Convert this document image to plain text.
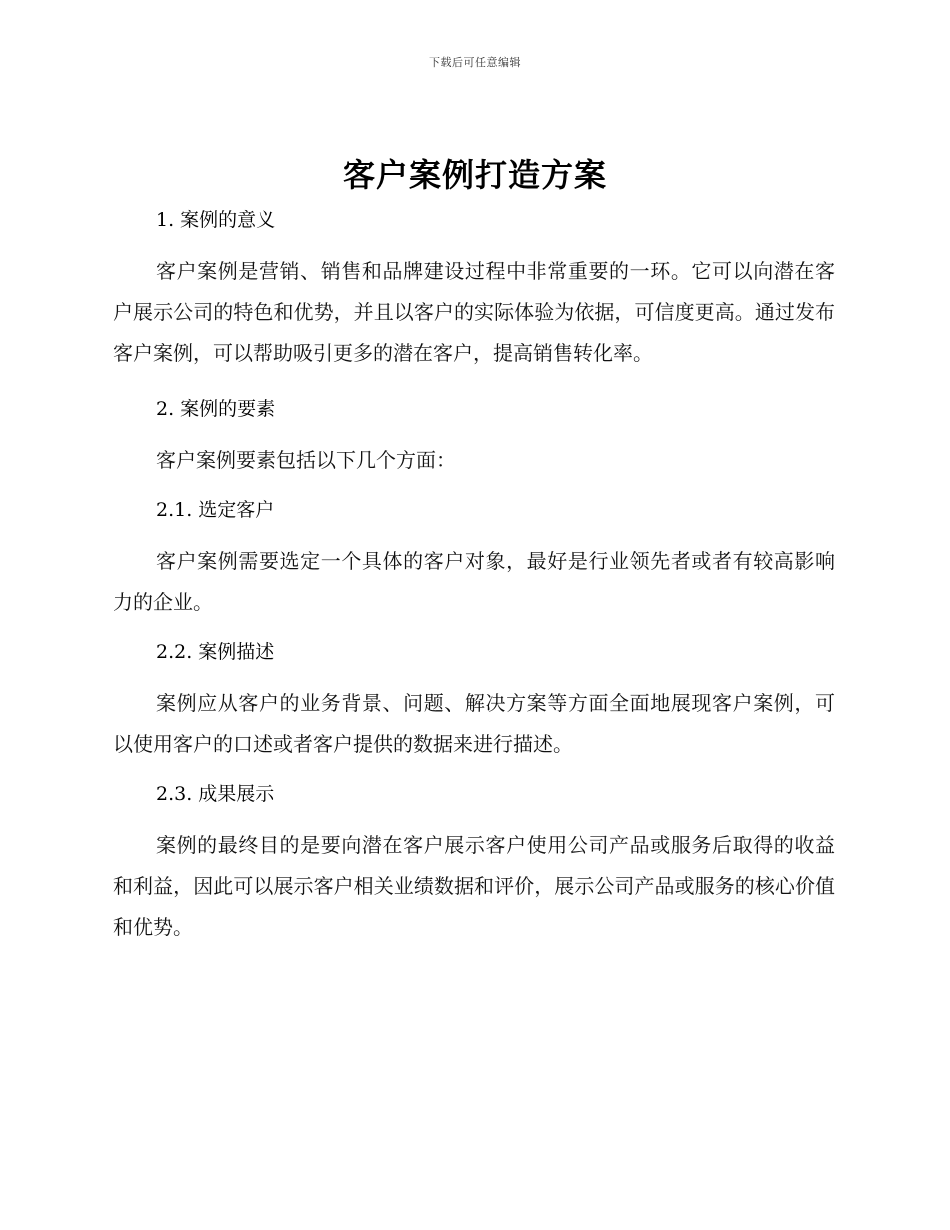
下载后可任意编辑
客户案例打造方案
1. 案例的意义

客户案例是营销、销售和品牌建设过程中非常重要的一环。它可以向潜在客户展示公司的特色和优势，并且以客户的实际体验为依据，可信度更高。通过发布客户案例，可以帮助吸引更多的潜在客户，提高销售转化率。

2. 案例的要素

客户案例要素包括以下几个方面：

2.1. 选定客户

客户案例需要选定一个具体的客户对象，最好是行业领先者或者有较高影响力的企业。

2.2. 案例描述

案例应从客户的业务背景、问题、解决方案等方面全面地展现客户案例，可以使用客户的口述或者客户提供的数据来进行描述。

2.3. 成果展示

案例的最终目的是要向潜在客户展示客户使用公司产品或服务后取得的收益和利益，因此可以展示客户相关业绩数据和评价，展示公司产品或服务的核心价值和优势。
